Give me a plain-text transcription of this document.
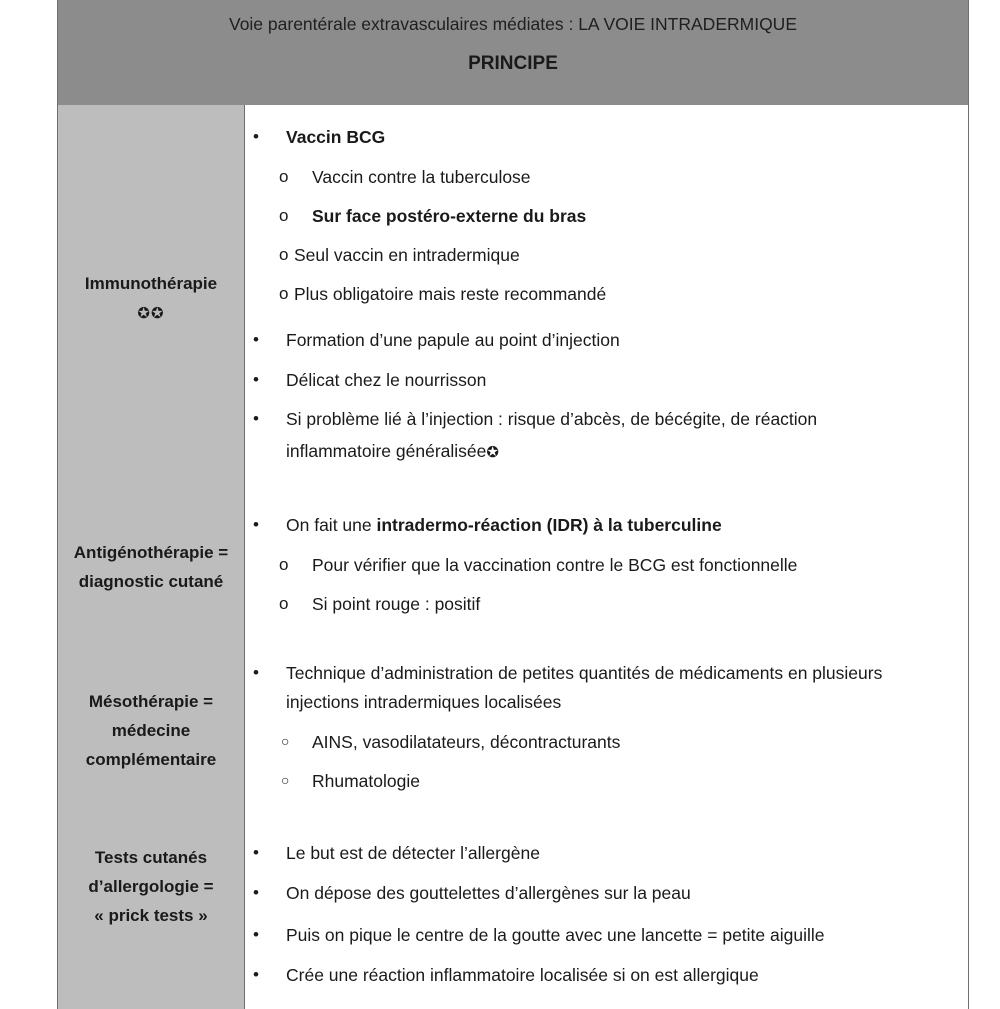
Voie parentérale extravasculaires médiates : LA VOIE INTRADERMIQUE
PRINCIPE
Immunothérapie
✪✪
• Vaccin BCG
o Vaccin contre la tuberculose
o Sur face postéro-externe du bras
o Seul vaccin en intradermique
o Plus obligatoire mais reste recommandé
• Formation d’une papule au point d’injection
• Délicat chez le nourrisson
• Si problème lié à l’injection : risque d’abcès, de bécégite, de réaction
inflammatoire généralisée✪
Antigénothérapie =
diagnostic cutané
• On fait une intradermo-réaction (IDR) à la tuberculine
o Pour vérifier que la vaccination contre le BCG est fonctionnelle
o Si point rouge : positif
Mésothérapie =
médecine
complémentaire
• Technique d’administration de petites quantités de médicaments en plusieurs
injections intradermiques localisées
○ AINS, vasodilatateurs, décontracturants
○ Rhumatologie
Tests cutanés
d’allergologie =
« prick tests »
• Le but est de détecter l’allergène
• On dépose des gouttelettes d’allergènes sur la peau
• Puis on pique le centre de la goutte avec une lancette = petite aiguille
• Crée une réaction inflammatoire localisée si on est allergique
